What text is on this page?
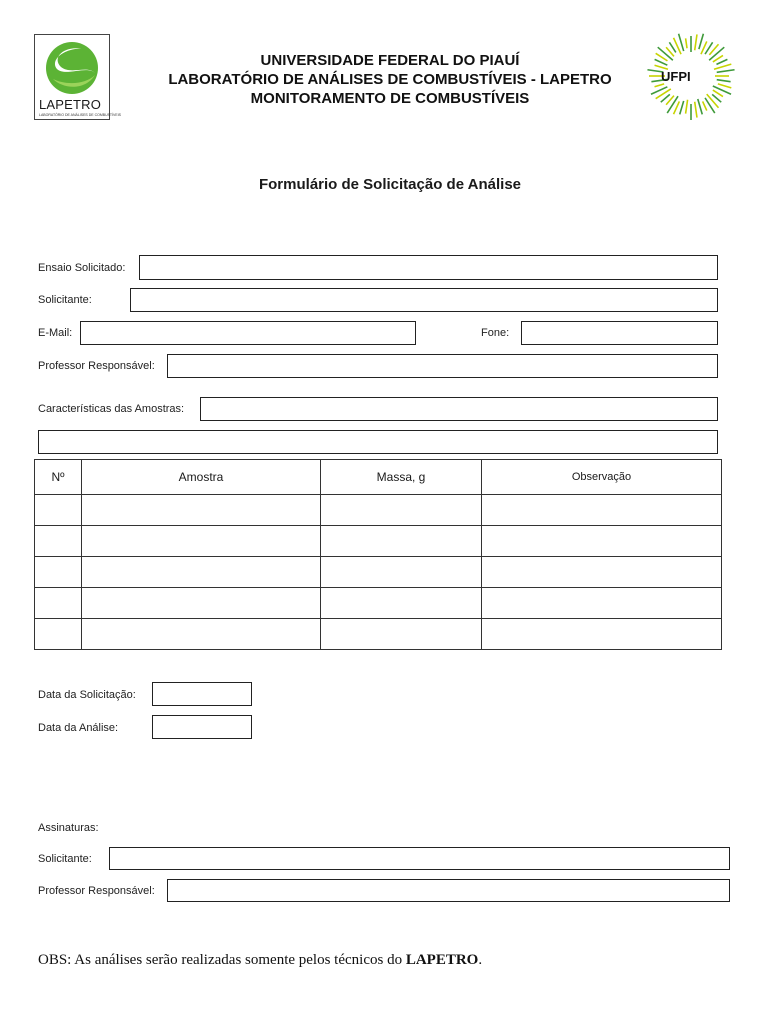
LAPETRO
LABORATÓRIO DE ANÁLISES DE COMBUSTÍVEIS
UNIVERSIDADE FEDERAL DO PIAUÍ
LABORATÓRIO DE ANÁLISES DE COMBUSTÍVEIS - LAPETRO
MONITORAMENTO DE COMBUSTÍVEIS
UFPI
Formulário de Solicitação de Análise
Ensaio Solicitado:
Solicitante:
E-Mail:	Fone:
Professor Responsável:
Características das Amostras:
Nº	Amostra	Massa, g	Observação

Data da Solicitação:
Data da Análise:
Assinaturas:
Solicitante:
Professor Responsável:
OBS: As análises serão realizadas somente pelos técnicos do LAPETRO.
